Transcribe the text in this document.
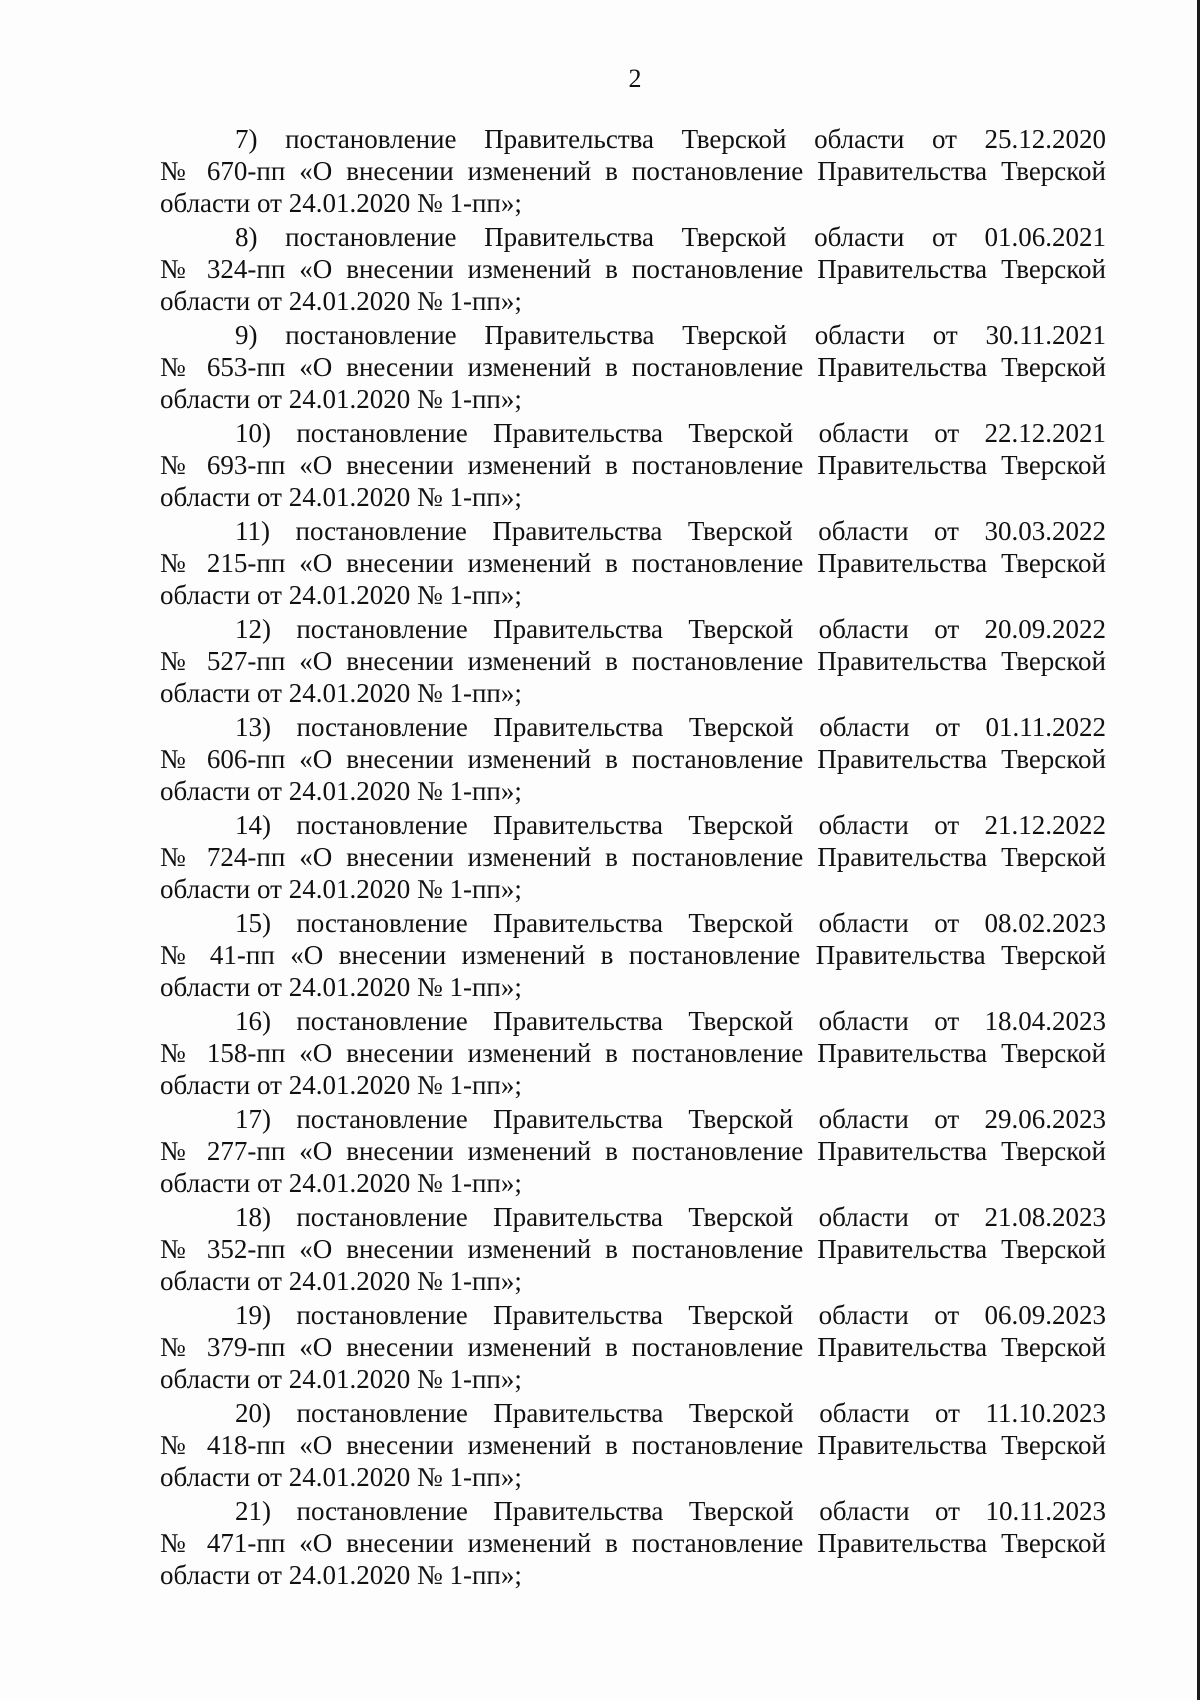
2
7) постановление Правительства Тверской области от 25.12.2020
№ 670-пп «О внесении изменений в постановление Правительства Тверской
области от 24.01.2020 № 1-пп»;
8) постановление Правительства Тверской области от 01.06.2021
№ 324-пп «О внесении изменений в постановление Правительства Тверской
области от 24.01.2020 № 1-пп»;
9) постановление Правительства Тверской области от 30.11.2021
№ 653-пп «О внесении изменений в постановление Правительства Тверской
области от 24.01.2020 № 1-пп»;
10) постановление Правительства Тверской области от 22.12.2021
№ 693-пп «О внесении изменений в постановление Правительства Тверской
области от 24.01.2020 № 1-пп»;
11) постановление Правительства Тверской области от 30.03.2022
№ 215-пп «О внесении изменений в постановление Правительства Тверской
области от 24.01.2020 № 1-пп»;
12) постановление Правительства Тверской области от 20.09.2022
№ 527-пп «О внесении изменений в постановление Правительства Тверской
области от 24.01.2020 № 1-пп»;
13) постановление Правительства Тверской области от 01.11.2022
№ 606-пп «О внесении изменений в постановление Правительства Тверской
области от 24.01.2020 № 1-пп»;
14) постановление Правительства Тверской области от 21.12.2022
№ 724-пп «О внесении изменений в постановление Правительства Тверской
области от 24.01.2020 № 1-пп»;
15) постановление Правительства Тверской области от 08.02.2023
№ 41-пп «О внесении изменений в постановление Правительства Тверской
области от 24.01.2020 № 1-пп»;
16) постановление Правительства Тверской области от 18.04.2023
№ 158-пп «О внесении изменений в постановление Правительства Тверской
области от 24.01.2020 № 1-пп»;
17) постановление Правительства Тверской области от 29.06.2023
№ 277-пп «О внесении изменений в постановление Правительства Тверской
области от 24.01.2020 № 1-пп»;
18) постановление Правительства Тверской области от 21.08.2023
№ 352-пп «О внесении изменений в постановление Правительства Тверской
области от 24.01.2020 № 1-пп»;
19) постановление Правительства Тверской области от 06.09.2023
№ 379-пп «О внесении изменений в постановление Правительства Тверской
области от 24.01.2020 № 1-пп»;
20) постановление Правительства Тверской области от 11.10.2023
№ 418-пп «О внесении изменений в постановление Правительства Тверской
области от 24.01.2020 № 1-пп»;
21) постановление Правительства Тверской области от 10.11.2023
№ 471-пп «О внесении изменений в постановление Правительства Тверской
области от 24.01.2020 № 1-пп»;
